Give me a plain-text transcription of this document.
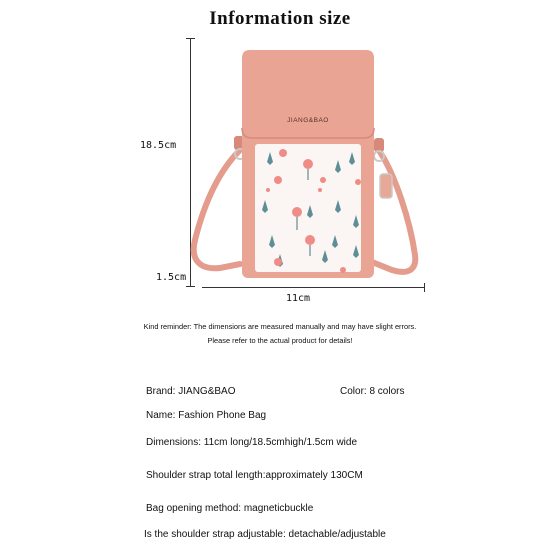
Information size
18.5cm
1.5cm
11cm
JIANG&BAO
Kind reminder: The dimensions are measured manually and may have slight errors.
Please refer to the actual product for details!
Brand: JIANG&BAO	Color: 8 colors
Name: Fashion Phone Bag
Dimensions: 11cm long/18.5cmhigh/1.5cm wide
Shoulder strap total length:approximately 130CM
Bag opening method: magneticbuckle
Is the shoulder strap adjustable: detachable/adjustable
